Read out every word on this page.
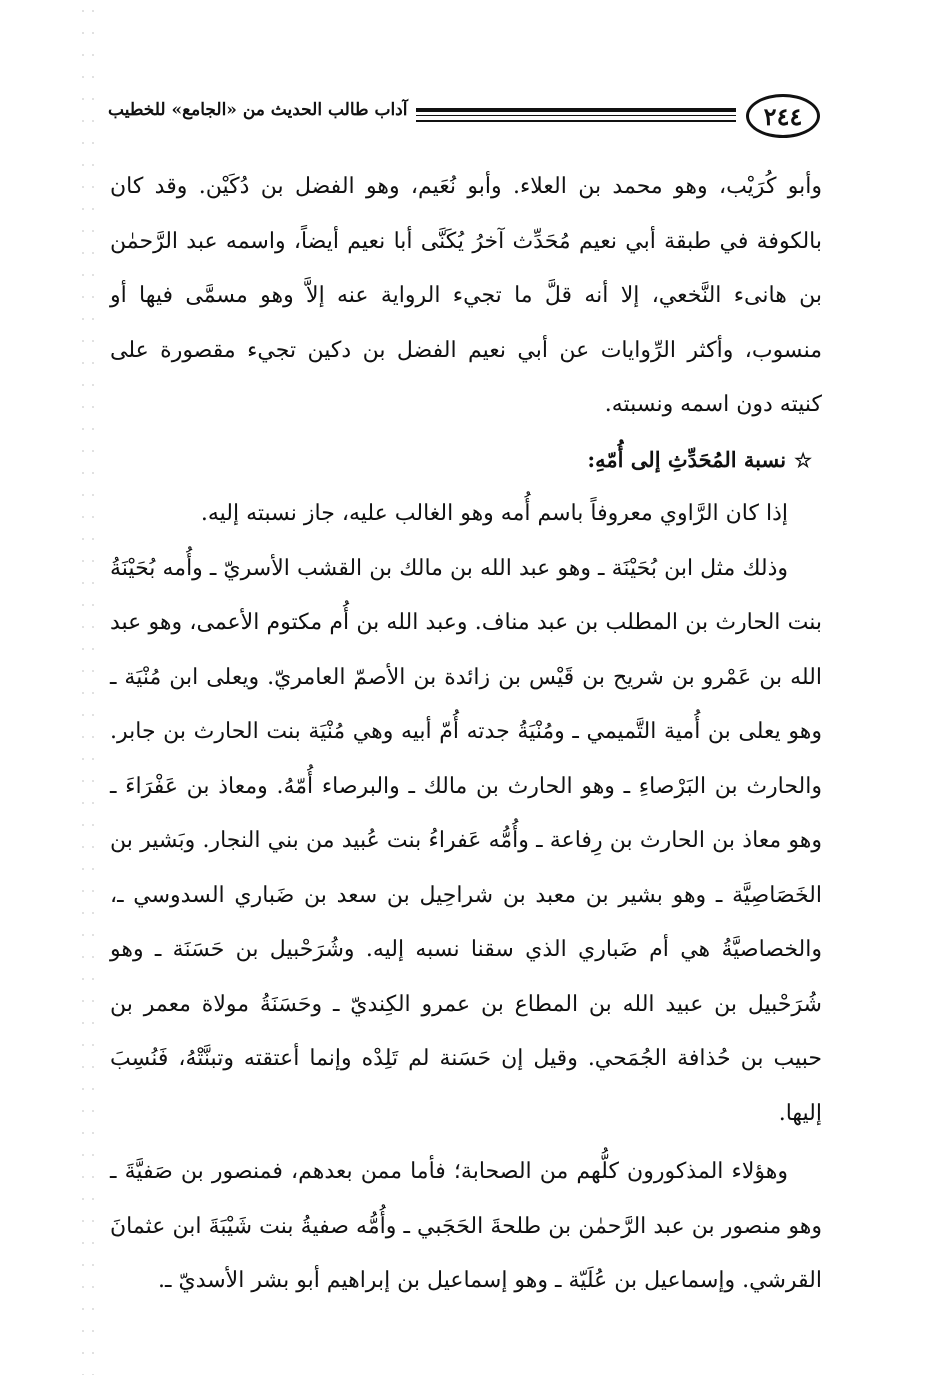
٢٤٤
آداب طالب الحديث من «الجامع» للخطيب

وأبو كُرَيْب، وهو محمد بن العلاء. وأبو نُعَيم، وهو الفضل بن دُكَيْن. وقد كان بالكوفة في طبقة أبي نعيم مُحَدِّث آخرُ يُكَنَّى أبا نعيم أيضاً، واسمه عبد الرَّحمٰن بن هانىء النَّخعي، إلا أنه قلَّ ما تجيء الرواية عنه إلاَّ وهو مسمَّى فيها أو منسوب، وأكثر الرِّوايات عن أبي نعيم الفضل بن دكين تجيء مقصورة على كنيته دون اسمه ونسبته.

☆نسبة المُحَدِّثِ إلى أُمّهِ:

إذا كان الرَّاوي معروفاً باسم أُمه وهو الغالب عليه، جاز نسبته إليه.

وذلك مثل ابن بُحَيْنَة ـ وهو عبد الله بن مالك بن القشب الأسريّ ـ وأُمه بُحَيْنَةُ بنت الحارث بن المطلب بن عبد مناف. وعبد الله بن أُم مكتوم الأعمى، وهو عبد الله بن عَمْرو بن شريح بن قَيْس بن زائدة بن الأصمّ العامريّ. ويعلى ابن مُنْيَة ـ وهو يعلى بن أُمية التَّميمي ـ ومُنْيَةُ جدته أُمّ أبيه وهي مُنْيَة بنت الحارث بن جابر. والحارث بن البَرْصاءِ ـ وهو الحارث بن مالك ـ والبرصاء أُمّهُ. ومعاذ بن عَفْرَاءَ ـ وهو معاذ بن الحارث بن رِفاعة ـ وأُمُّه عَفراءُ بنت عُبيد من بني النجار. وبَشير بن الخَصَاصِيَّة ـ وهو بشير بن معبد بن شراحِيل بن سعد بن ضَباري السدوسي ـ، والخصاصيَّةُ هي أم ضَباري الذي سقنا نسبه إليه. وشُرَحْبيل بن حَسَنَة ـ وهو شُرَحْبيل بن عبيد الله بن المطاع بن عمرو الكِنديّ ـ وحَسَنَةُ مولاة معمر بن حبيب بن حُذافة الجُمَحي. وقيل إن حَسَنة لم تَلِدْه وإنما أعتقته وتبنَّتْهُ، فَنُسِبَ إليها.

وهؤلاء المذكورون كلُّهم من الصحابة؛ فأما ممن بعدهم، فمنصور بن صَفيَّةَ ـ وهو منصور بن عبد الرَّحمٰن بن طلحةَ الحَجَبي ـ وأُمُّه صفيةُ بنت شَيْبَةَ ابن عثمانَ القرشي. وإسماعيل بن عُلَيّة ـ وهو إسماعيل بن إبراهيم أبو بشر الأسديّ ـ.
